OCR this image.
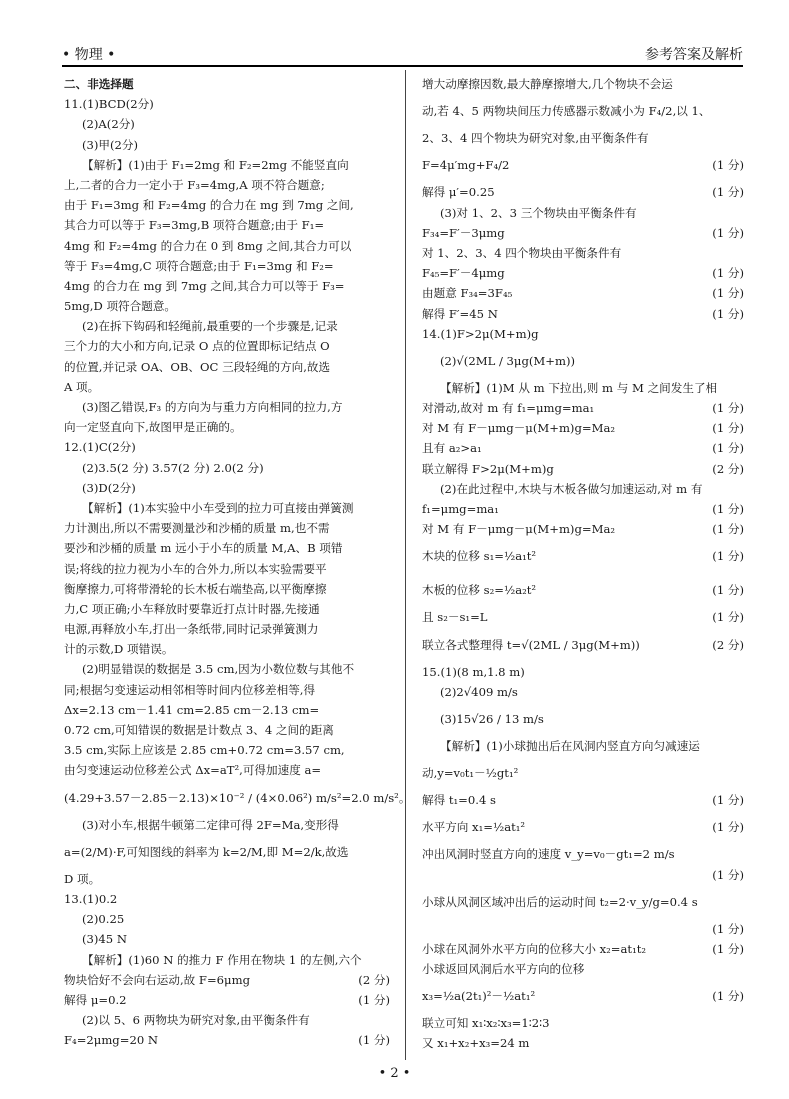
• 物理 •	参考答案及解析
二、非选择题
11.(1)BCD(2分)
(2)A(2分)
(3)甲(2分)
【解析】(1)由于 F₁=2mg 和 F₂=2mg 不能竖直向
上,二者的合力一定小于 F₃=4mg,A 项不符合题意;
由于 F₁=3mg 和 F₂=4mg 的合力在 mg 到 7mg 之间,
其合力可以等于 F₃=3mg,B 项符合题意;由于 F₁=
4mg 和 F₂=4mg 的合力在 0 到 8mg 之间,其合力可以
等于 F₃=4mg,C 项符合题意;由于 F₁=3mg 和 F₂=
4mg 的合力在 mg 到 7mg 之间,其合力可以等于 F₃=
5mg,D 项符合题意。
(2)在拆下钩码和轻绳前,最重要的一个步骤是,记录
三个力的大小和方向,记录 O 点的位置即标记结点 O
的位置,并记录 OA、OB、OC 三段轻绳的方向,故选
A 项。
(3)图乙错误,F₃ 的方向为与重力方向相同的拉力,方
向一定竖直向下,故图甲是正确的。
12.(1)C(2分)
(2)3.5(2 分) 3.57(2 分) 2.0(2 分)
(3)D(2分)
【解析】(1)本实验中小车受到的拉力可直接由弹簧测
力计测出,所以不需要测量沙和沙桶的质量 m,也不需
要沙和沙桶的质量 m 远小于小车的质量 M,A、B 项错
误;将线的拉力视为小车的合外力,所以本实验需要平
衡摩擦力,可将带滑轮的长木板右端垫高,以平衡摩擦
力,C 项正确;小车释放时要靠近打点计时器,先接通
电源,再释放小车,打出一条纸带,同时记录弹簧测力
计的示数,D 项错误。
(2)明显错误的数据是 3.5 cm,因为小数位数与其他不
同;根据匀变速运动相邻相等时间内位移差相等,得
Δx=2.13 cm－1.41 cm=2.85 cm－2.13 cm=
0.72 cm,可知错误的数据是计数点 3、4 之间的距离
3.5 cm,实际上应该是 2.85 cm+0.72 cm=3.57 cm,
由匀变速运动位移差公式 Δx=aT²,可得加速度 a=
(4.29+3.57－2.85－2.13)×10⁻² / (4×0.06²) m/s²=2.0 m/s²。
(3)对小车,根据牛顿第二定律可得 2F=Ma,变形得
a=(2/M)·F,可知图线的斜率为 k=2/M,即 M=2/k,故选
D 项。
13.(1)0.2
(2)0.25
(3)45 N
【解析】(1)60 N 的推力 F 作用在物块 1 的左侧,六个
物块恰好不会向右运动,故 F=6μmg	(2 分)
解得 μ=0.2	(1 分)
(2)以 5、6 两物块为研究对象,由平衡条件有
F₄=2μmg=20 N	(1 分)
增大动摩擦因数,最大静摩擦增大,几个物块不会运
动,若 4、5 两物块间压力传感器示数减小为 F₄/2,以 1、
2、3、4 四个物块为研究对象,由平衡条件有
F=4μ′mg+F₄/2	(1 分)
解得 μ′=0.25	(1 分)
(3)对 1、2、3 三个物块由平衡条件有
F₃₄=F′－3μmg	(1 分)
对 1、2、3、4 四个物块由平衡条件有
F₄₅=F′－4μmg	(1 分)
由题意 F₃₄=3F₄₅	(1 分)
解得 F′=45 N	(1 分)
14.(1)F>2μ(M+m)g
(2)√(2ML / 3μg(M+m))
【解析】(1)M 从 m 下拉出,则 m 与 M 之间发生了相
对滑动,故对 m 有 f₁=μmg=ma₁	(1 分)
对 M 有 F－μmg－μ(M+m)g=Ma₂	(1 分)
且有 a₂>a₁	(1 分)
联立解得 F>2μ(M+m)g	(2 分)
(2)在此过程中,木块与木板各做匀加速运动,对 m 有
f₁=μmg=ma₁	(1 分)
对 M 有 F－μmg－μ(M+m)g=Ma₂	(1 分)
木块的位移 s₁=½a₁t²	(1 分)
木板的位移 s₂=½a₂t²	(1 分)
且 s₂－s₁=L	(1 分)
联立各式整理得 t=√(2ML / 3μg(M+m))	(2 分)
15.(1)(8 m,1.8 m)
(2)2√409 m/s
(3)15√26 / 13 m/s
【解析】(1)小球抛出后在风洞内竖直方向匀减速运
动,y=v₀t₁－½gt₁²
解得 t₁=0.4 s	(1 分)
水平方向 x₁=½at₁²	(1 分)
冲出风洞时竖直方向的速度 v_y=v₀－gt₁=2 m/s
(1 分)
小球从风洞区域冲出后的运动时间 t₂=2·v_y/g=0.4 s
(1 分)
小球在风洞外水平方向的位移大小 x₂=at₁t₂	(1 分)
小球返回风洞后水平方向的位移
x₃=½a(2t₁)²－½at₁²	(1 分)
联立可知 x₁∶x₂∶x₃=1∶2∶3
又 x₁+x₂+x₃=24 m
• 2 •
